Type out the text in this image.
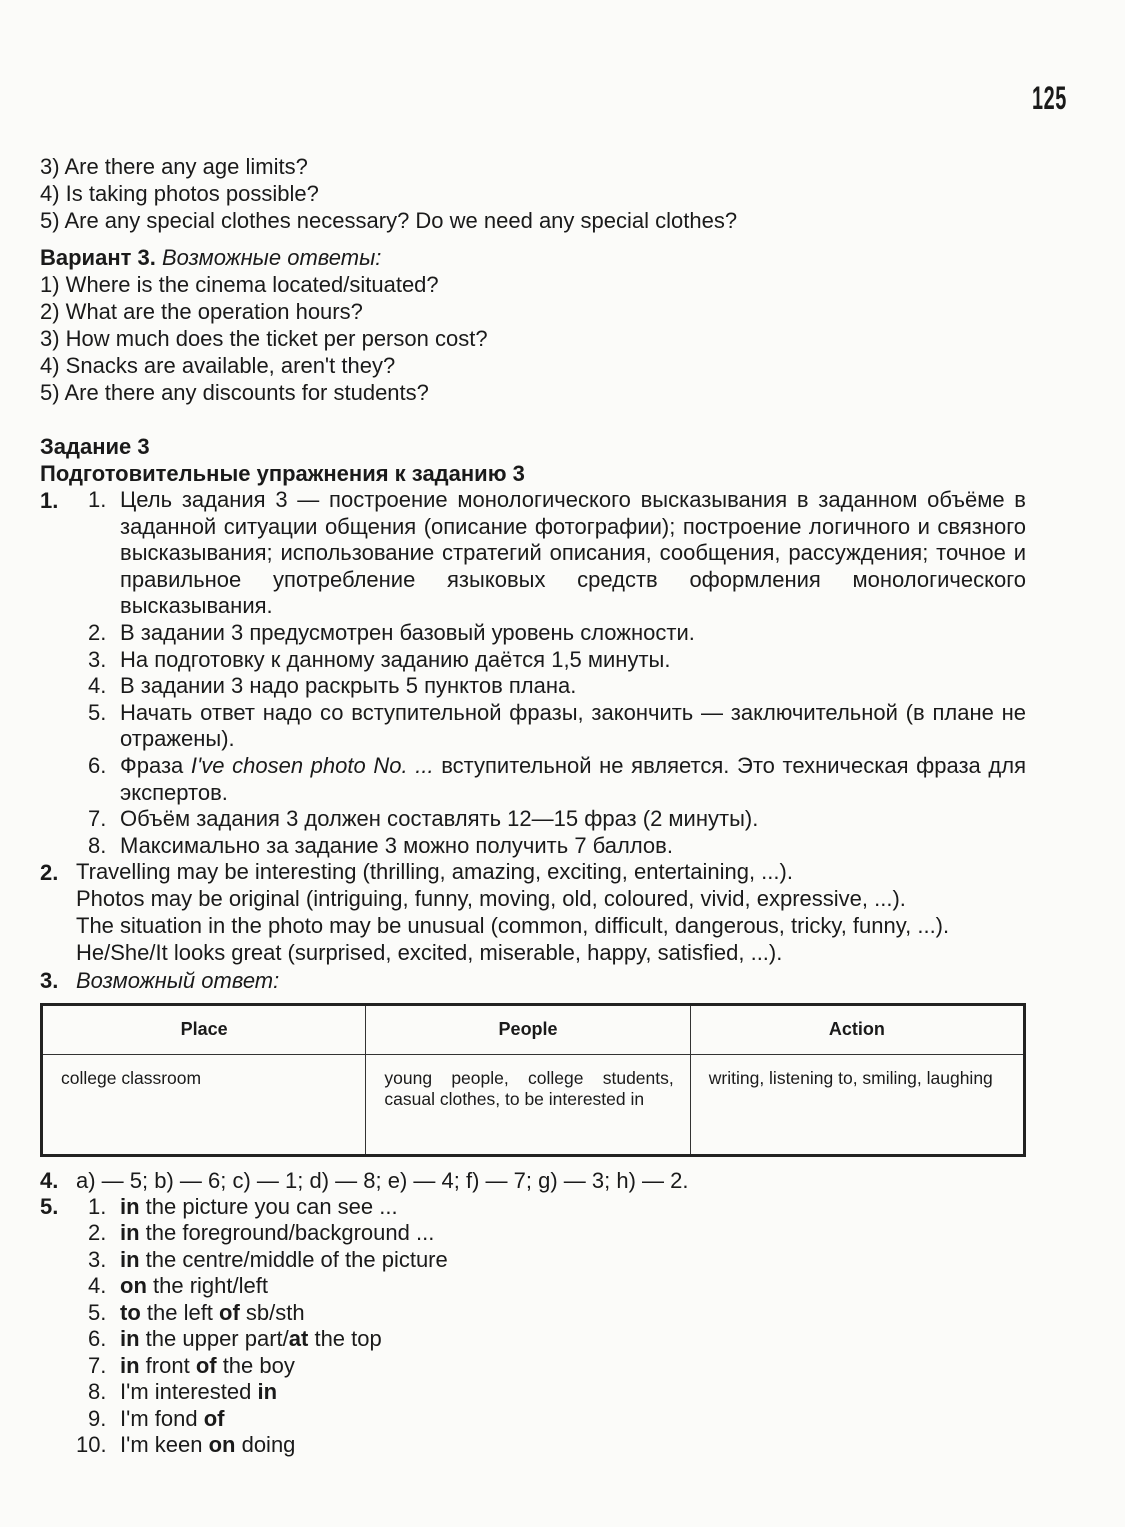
125
3) Are there any age limits?
4) Is taking photos possible?
5) Are any special clothes necessary? Do we need any special clothes?
Вариант 3. Возможные ответы:
1) Where is the cinema located/situated?
2) What are the operation hours?
3) How much does the ticket per person cost?
4) Snacks are available, aren't they?
5) Are there any discounts for students?
Задание 3
Подготовительные упражнения к заданию 3
1.	1. Цель задания 3 — построение монологического высказывания в заданном объёме в заданной ситуации общения (описание фотографии); построение логичного и связного высказывания; использование стратегий описания, сообщения, рассуждения; точное и правильное употребление языковых средств оформления монологического высказывания.
2. В задании 3 предусмотрен базовый уровень сложности.
3. На подготовку к данному заданию даётся 1,5 минуты.
4. В задании 3 надо раскрыть 5 пунктов плана.
5. Начать ответ надо со вступительной фразы, закончить — заключительной (в плане не отражены).
6. Фраза I've chosen photo No. ... вступительной не является. Это техническая фраза для экспертов.
7. Объём задания 3 должен составлять 12—15 фраз (2 минуты).
8. Максимально за задание 3 можно получить 7 баллов.
2. Travelling may be interesting (thrilling, amazing, exciting, entertaining, ...).
Photos may be original (intriguing, funny, moving, old, coloured, vivid, expressive, ...).
The situation in the photo may be unusual (common, difficult, dangerous, tricky, funny, ...).
He/She/It looks great (surprised, excited, miserable, happy, satisfied, ...).
3. Возможный ответ:
Place	People	Action
college classroom	young people, college students, casual clothes, to be interested in	writing, listening to, smiling, laughing
4. a) — 5; b) — 6; c) — 1; d) — 8; e) — 4; f) — 7; g) — 3; h) — 2.
5.	1. in the picture you can see ...
2. in the foreground/background ...
3. in the centre/middle of the picture
4. on the right/left
5. to the left of sb/sth
6. in the upper part/at the top
7. in front of the boy
8. I'm interested in
9. I'm fond of
10. I'm keen on doing
